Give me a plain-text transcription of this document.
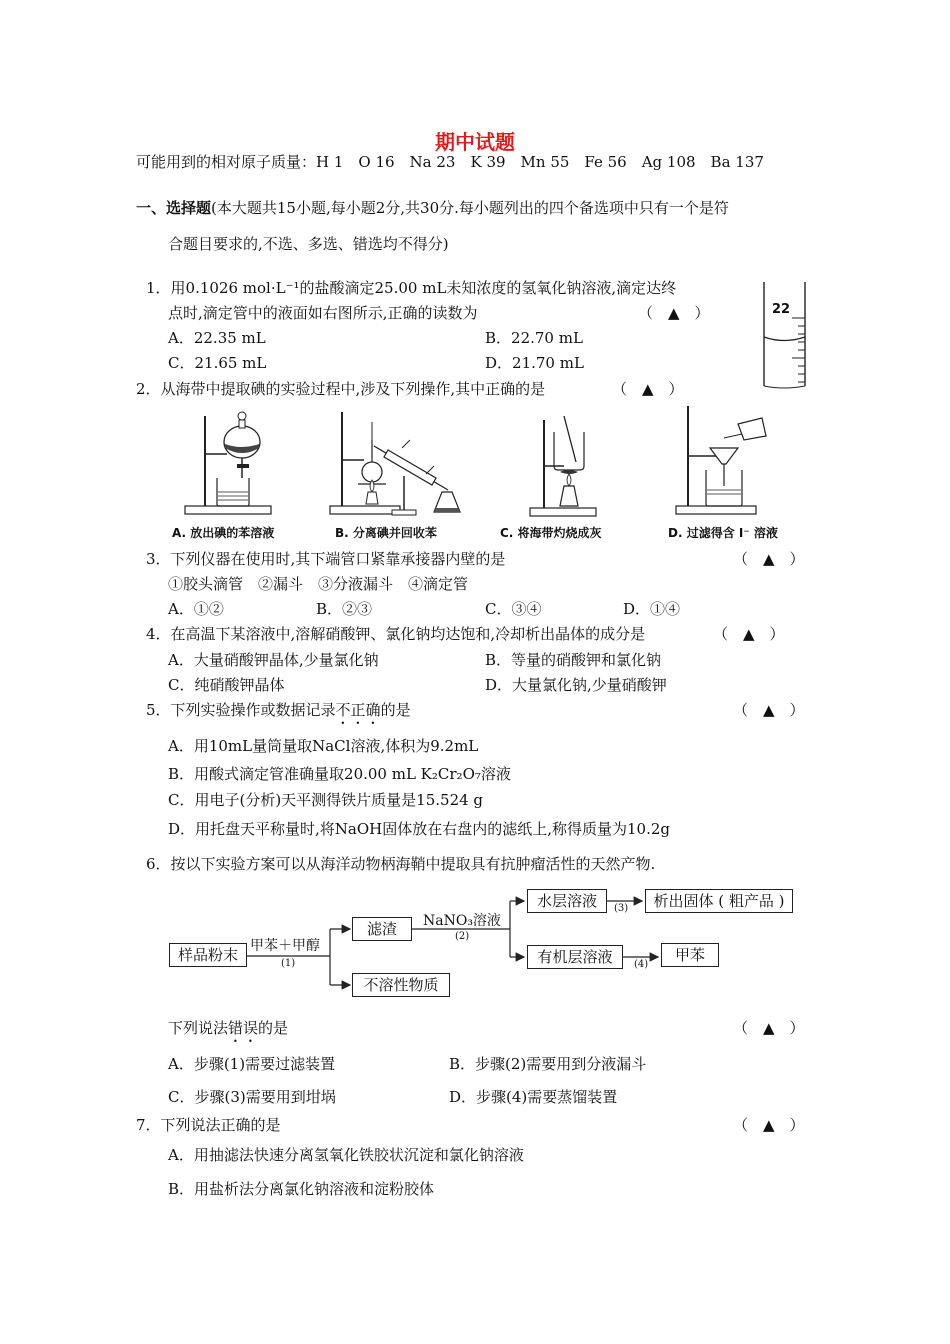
期中试题
可能用到的相对原子质量：H 1　O 16　Na 23　K 39　Mn 55　Fe 56　Ag 108　Ba 137
一、选择题(本大题共15小题,每小题2分,共30分.每小题列出的四个备选项中只有一个是符
合题目要求的,不选、多选、错选均不得分)
1．用0.1026 mol·L⁻¹的盐酸滴定25.00 mL未知浓度的氢氧化钠溶液,滴定达终
点时,滴定管中的液面如右图所示,正确的读数为	（　▲　）
A．22.35 mL	B．22.70 mL
C．21.65 mL	D．21.70 mL
22
2．从海带中提取碘的实验过程中,涉及下列操作,其中正确的是	（　▲　）
A. 放出碘的苯溶液	B. 分离碘并回收苯	C. 将海带灼烧成灰	D. 过滤得含 I⁻ 溶液
3．下列仪器在使用时,其下端管口紧靠承接器内壁的是	（　▲　）
①胶头滴管　②漏斗　③分液漏斗　④滴定管
A．①②	B．②③	C．③④	D．①④
4．在高温下某溶液中,溶解硝酸钾、氯化钠均达饱和,冷却析出晶体的成分是	（　▲　）
A．大量硝酸钾晶体,少量氯化钠	B．等量的硝酸钾和氯化钠
C．纯硝酸钾晶体	D．大量氯化钠,少量硝酸钾
5．下列实验操作或数据记录不正确的是	（　▲　）
A．用10mL量筒量取NaCl溶液,体积为9.2mL
B．用酸式滴定管准确量取20.00 mL K₂Cr₂O₇溶液
C．用电子(分析)天平测得铁片质量是15.524 g
D．用托盘天平称量时,将NaOH固体放在右盘内的滤纸上,称得质量为10.2g
6．按以下实验方案可以从海洋动物柄海鞘中提取具有抗肿瘤活性的天然产物.
样品粉末 甲苯＋甲醇
(1)
滤渣
不溶性物质
NaNO₃溶液
(2)
水层溶液	(3)	析出固体 ( 粗产品 )
有机层溶液	(4)
甲苯
下列说法错误的是	（　▲　）
A．步骤(1)需要过滤装置	B．步骤(2)需要用到分液漏斗
C．步骤(3)需要用到坩埚	D．步骤(4)需要蒸馏装置
7．下列说法正确的是	（　▲　）
A．用抽滤法快速分离氢氧化铁胶状沉淀和氯化钠溶液
B．用盐析法分离氯化钠溶液和淀粉胶体
